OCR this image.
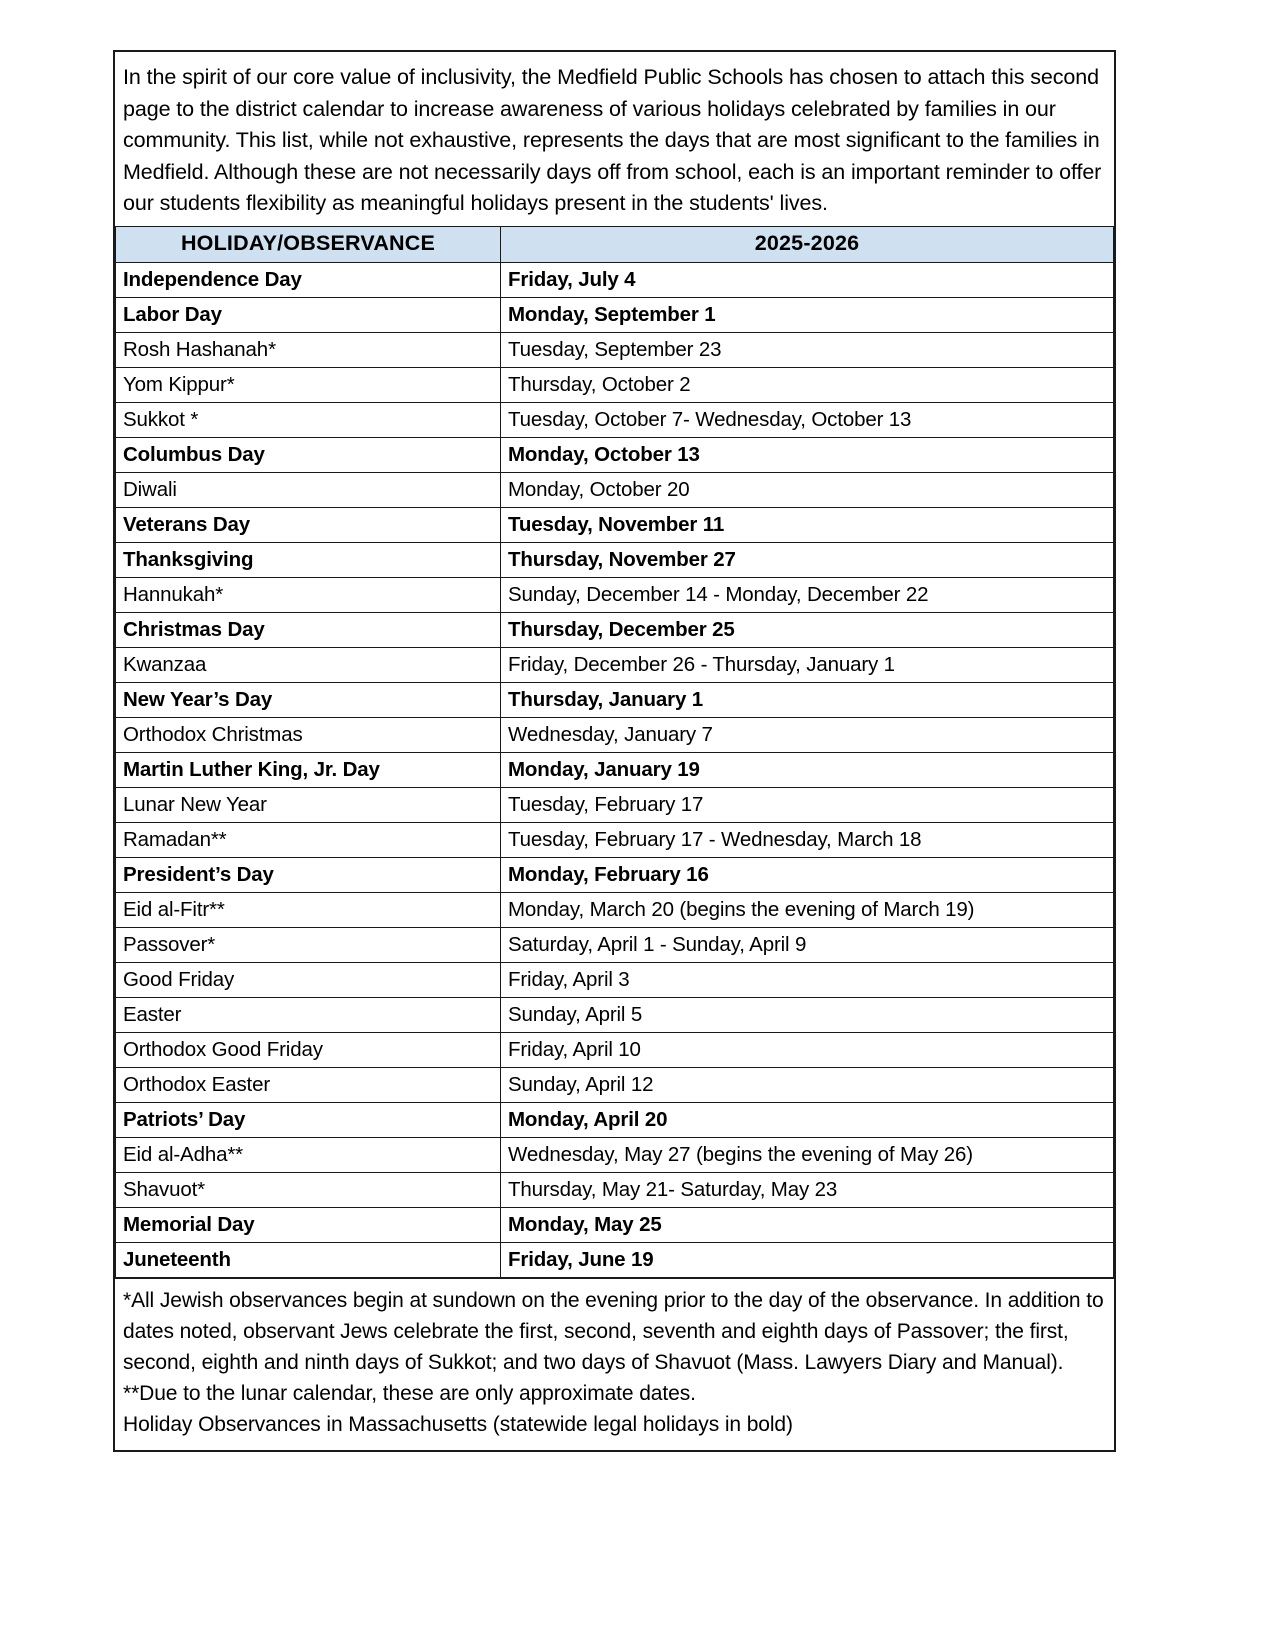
In the spirit of our core value of inclusivity, the Medfield Public Schools has chosen to attach this second page to the district calendar to increase awareness of various holidays celebrated by families in our community. This list, while not exhaustive, represents the days that are most significant to the families in Medfield. Although these are not necessarily days off from school, each is an important reminder to offer our students flexibility as meaningful holidays present in the students' lives.
HOLIDAY/OBSERVANCE	2025-2026
Independence Day	Friday, July 4
Labor Day	Monday, September 1
Rosh Hashanah*	Tuesday, September 23
Yom Kippur*	Thursday, October 2
Sukkot *	Tuesday, October 7- Wednesday, October 13
Columbus Day	Monday, October 13
Diwali	Monday, October 20
Veterans Day	Tuesday, November 11
Thanksgiving	Thursday, November 27
Hannukah*	Sunday, December 14 - Monday, December 22
Christmas Day	Thursday, December 25
Kwanzaa	Friday, December 26 - Thursday, January 1
New Year’s Day	Thursday, January 1
Orthodox Christmas	Wednesday, January 7
Martin Luther King, Jr. Day	Monday, January 19
Lunar New Year	Tuesday, February 17
Ramadan**	Tuesday, February 17 - Wednesday, March 18
President’s Day	Monday, February 16
Eid al-Fitr**	Monday, March 20 (begins the evening of March 19)
Passover*	Saturday, April 1 - Sunday, April 9
Good Friday	Friday, April 3
Easter	Sunday, April 5
Orthodox Good Friday	Friday, April 10
Orthodox Easter	Sunday, April 12
Patriots’ Day	Monday, April 20
Eid al-Adha**	Wednesday, May 27 (begins the evening of May 26)
Shavuot*	Thursday, May 21- Saturday, May 23
Memorial Day	Monday, May 25
Juneteenth	Friday, June 19

*All Jewish observances begin at sundown on the evening prior to the day of the observance. In addition to dates noted, observant Jews celebrate the first, second, seventh and eighth days of Passover; the first, second, eighth and ninth days of Sukkot; and two days of Shavuot (Mass. Lawyers Diary and Manual).

**Due to the lunar calendar, these are only approximate dates.

Holiday Observances in Massachusetts (statewide legal holidays in bold)
